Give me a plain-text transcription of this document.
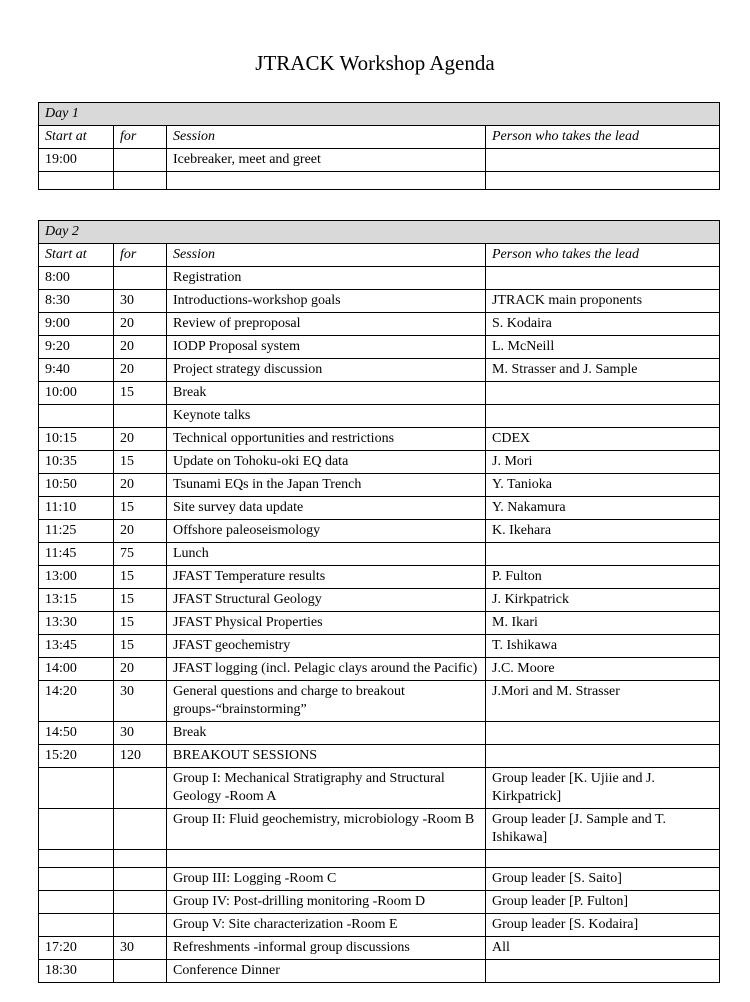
JTRACK Workshop Agenda
Day 1			
Start at	for	Session	Person who takes the lead
19:00		Icebreaker, meet and greet	

Day 2			
Start at	for	Session	Person who takes the lead
8:00		Registration	
8:30	30	Introductions-workshop goals	JTRACK main proponents
9:00	20	Review of preproposal	S. Kodaira
9:20	20	IODP Proposal system	L. McNeill
9:40	20	Project strategy discussion	M. Strasser and J. Sample
10:00	15	Break	
		Keynote talks	
10:15	20	Technical opportunities and restrictions	CDEX
10:35	15	Update on Tohoku-oki EQ data	J. Mori
10:50	20	Tsunami EQs in the Japan Trench	Y. Tanioka
11:10	15	Site survey data update	Y. Nakamura
11:25	20	Offshore paleoseismology	K. Ikehara
11:45	75	Lunch	
13:00	15	JFAST Temperature results	P. Fulton
13:15	15	JFAST Structural Geology	J. Kirkpatrick
13:30	15	JFAST Physical Properties	M. Ikari
13:45	15	JFAST geochemistry	T. Ishikawa
14:00	20	JFAST logging (incl. Pelagic clays around the Pacific)	J.C. Moore
14:20	30	General questions and charge to breakout groups-“brainstorming”	J.Mori and M. Strasser
14:50	30	Break	
15:20	120	BREAKOUT SESSIONS	
		Group I: Mechanical Stratigraphy and Structural Geology -Room A	Group leader [K. Ujiie and J. Kirkpatrick]
		Group II: Fluid geochemistry, microbiology -Room B	Group leader [J. Sample and T. Ishikawa]

		Group III: Logging -Room C	Group leader [S. Saito]
		Group IV: Post-drilling monitoring -Room D	Group leader [P. Fulton]
		Group V: Site characterization -Room E	Group leader [S. Kodaira]
17:20	30	Refreshments -informal group discussions	All
18:30		Conference Dinner	
